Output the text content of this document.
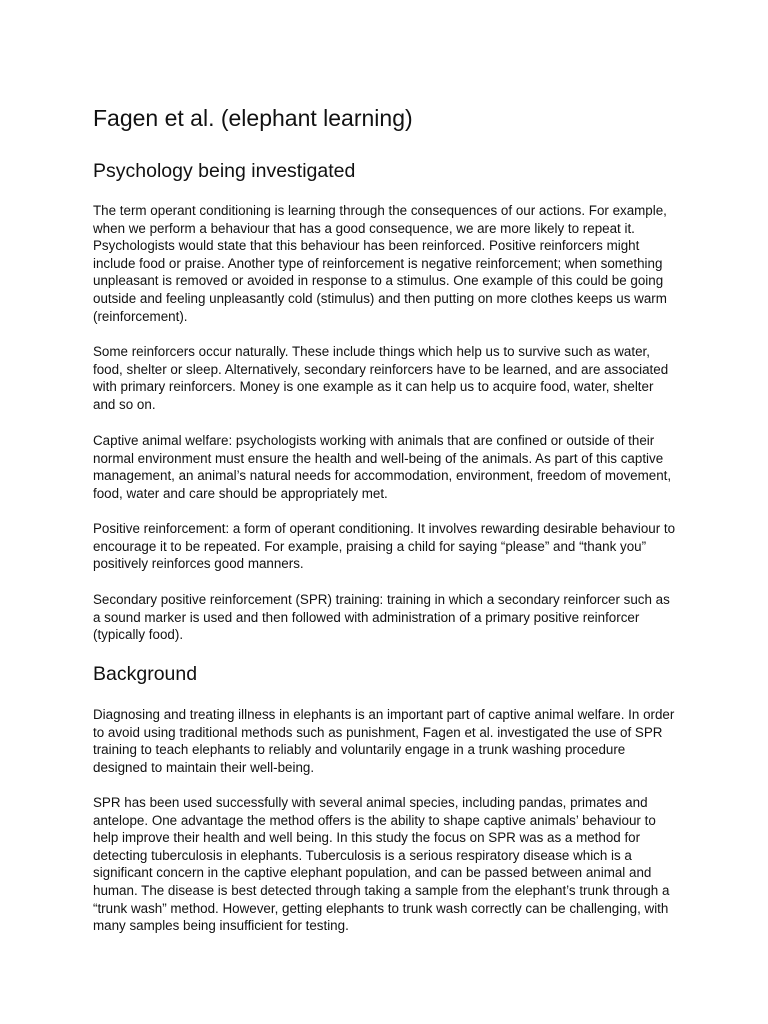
Fagen et al. (elephant learning)
Psychology being investigated

The term operant conditioning is learning through the consequences of our actions. For example, when we perform a behaviour that has a good consequence, we are more likely to repeat it. Psychologists would state that this behaviour has been reinforced. Positive reinforcers might include food or praise. Another type of reinforcement is negative reinforcement; when something unpleasant is removed or avoided in response to a stimulus. One example of this could be going outside and feeling unpleasantly cold (stimulus) and then putting on more clothes keeps us warm (reinforcement).

Some reinforcers occur naturally. These include things which help us to survive such as water, food, shelter or sleep. Alternatively, secondary reinforcers have to be learned, and are associated with primary reinforcers. Money is one example as it can help us to acquire food, water, shelter and so on.

Captive animal welfare: psychologists working with animals that are confined or outside of their normal environment must ensure the health and well-being of the animals. As part of this captive management, an animal’s natural needs for accommodation, environment, freedom of movement, food, water and care should be appropriately met.

Positive reinforcement: a form of operant conditioning. It involves rewarding desirable behaviour to encourage it to be repeated. For example, praising a child for saying “please” and “thank you” positively reinforces good manners.

Secondary positive reinforcement (SPR) training: training in which a secondary reinforcer such as a sound marker is used and then followed with administration of a primary positive reinforcer (typically food).

Background

Diagnosing and treating illness in elephants is an important part of captive animal welfare. In order to avoid using traditional methods such as punishment, Fagen et al. investigated the use of SPR training to teach elephants to reliably and voluntarily engage in a trunk washing procedure designed to maintain their well-being.

SPR has been used successfully with several animal species, including pandas, primates and antelope. One advantage the method offers is the ability to shape captive animals’ behaviour to help improve their health and well being. In this study the focus on SPR was as a method for detecting tuberculosis in elephants. Tuberculosis is a serious respiratory disease which is a significant concern in the captive elephant population, and can be passed between animal and human. The disease is best detected through taking a sample from the elephant’s trunk through a “trunk wash” method. However, getting elephants to trunk wash correctly can be challenging, with many samples being insufficient for testing.
